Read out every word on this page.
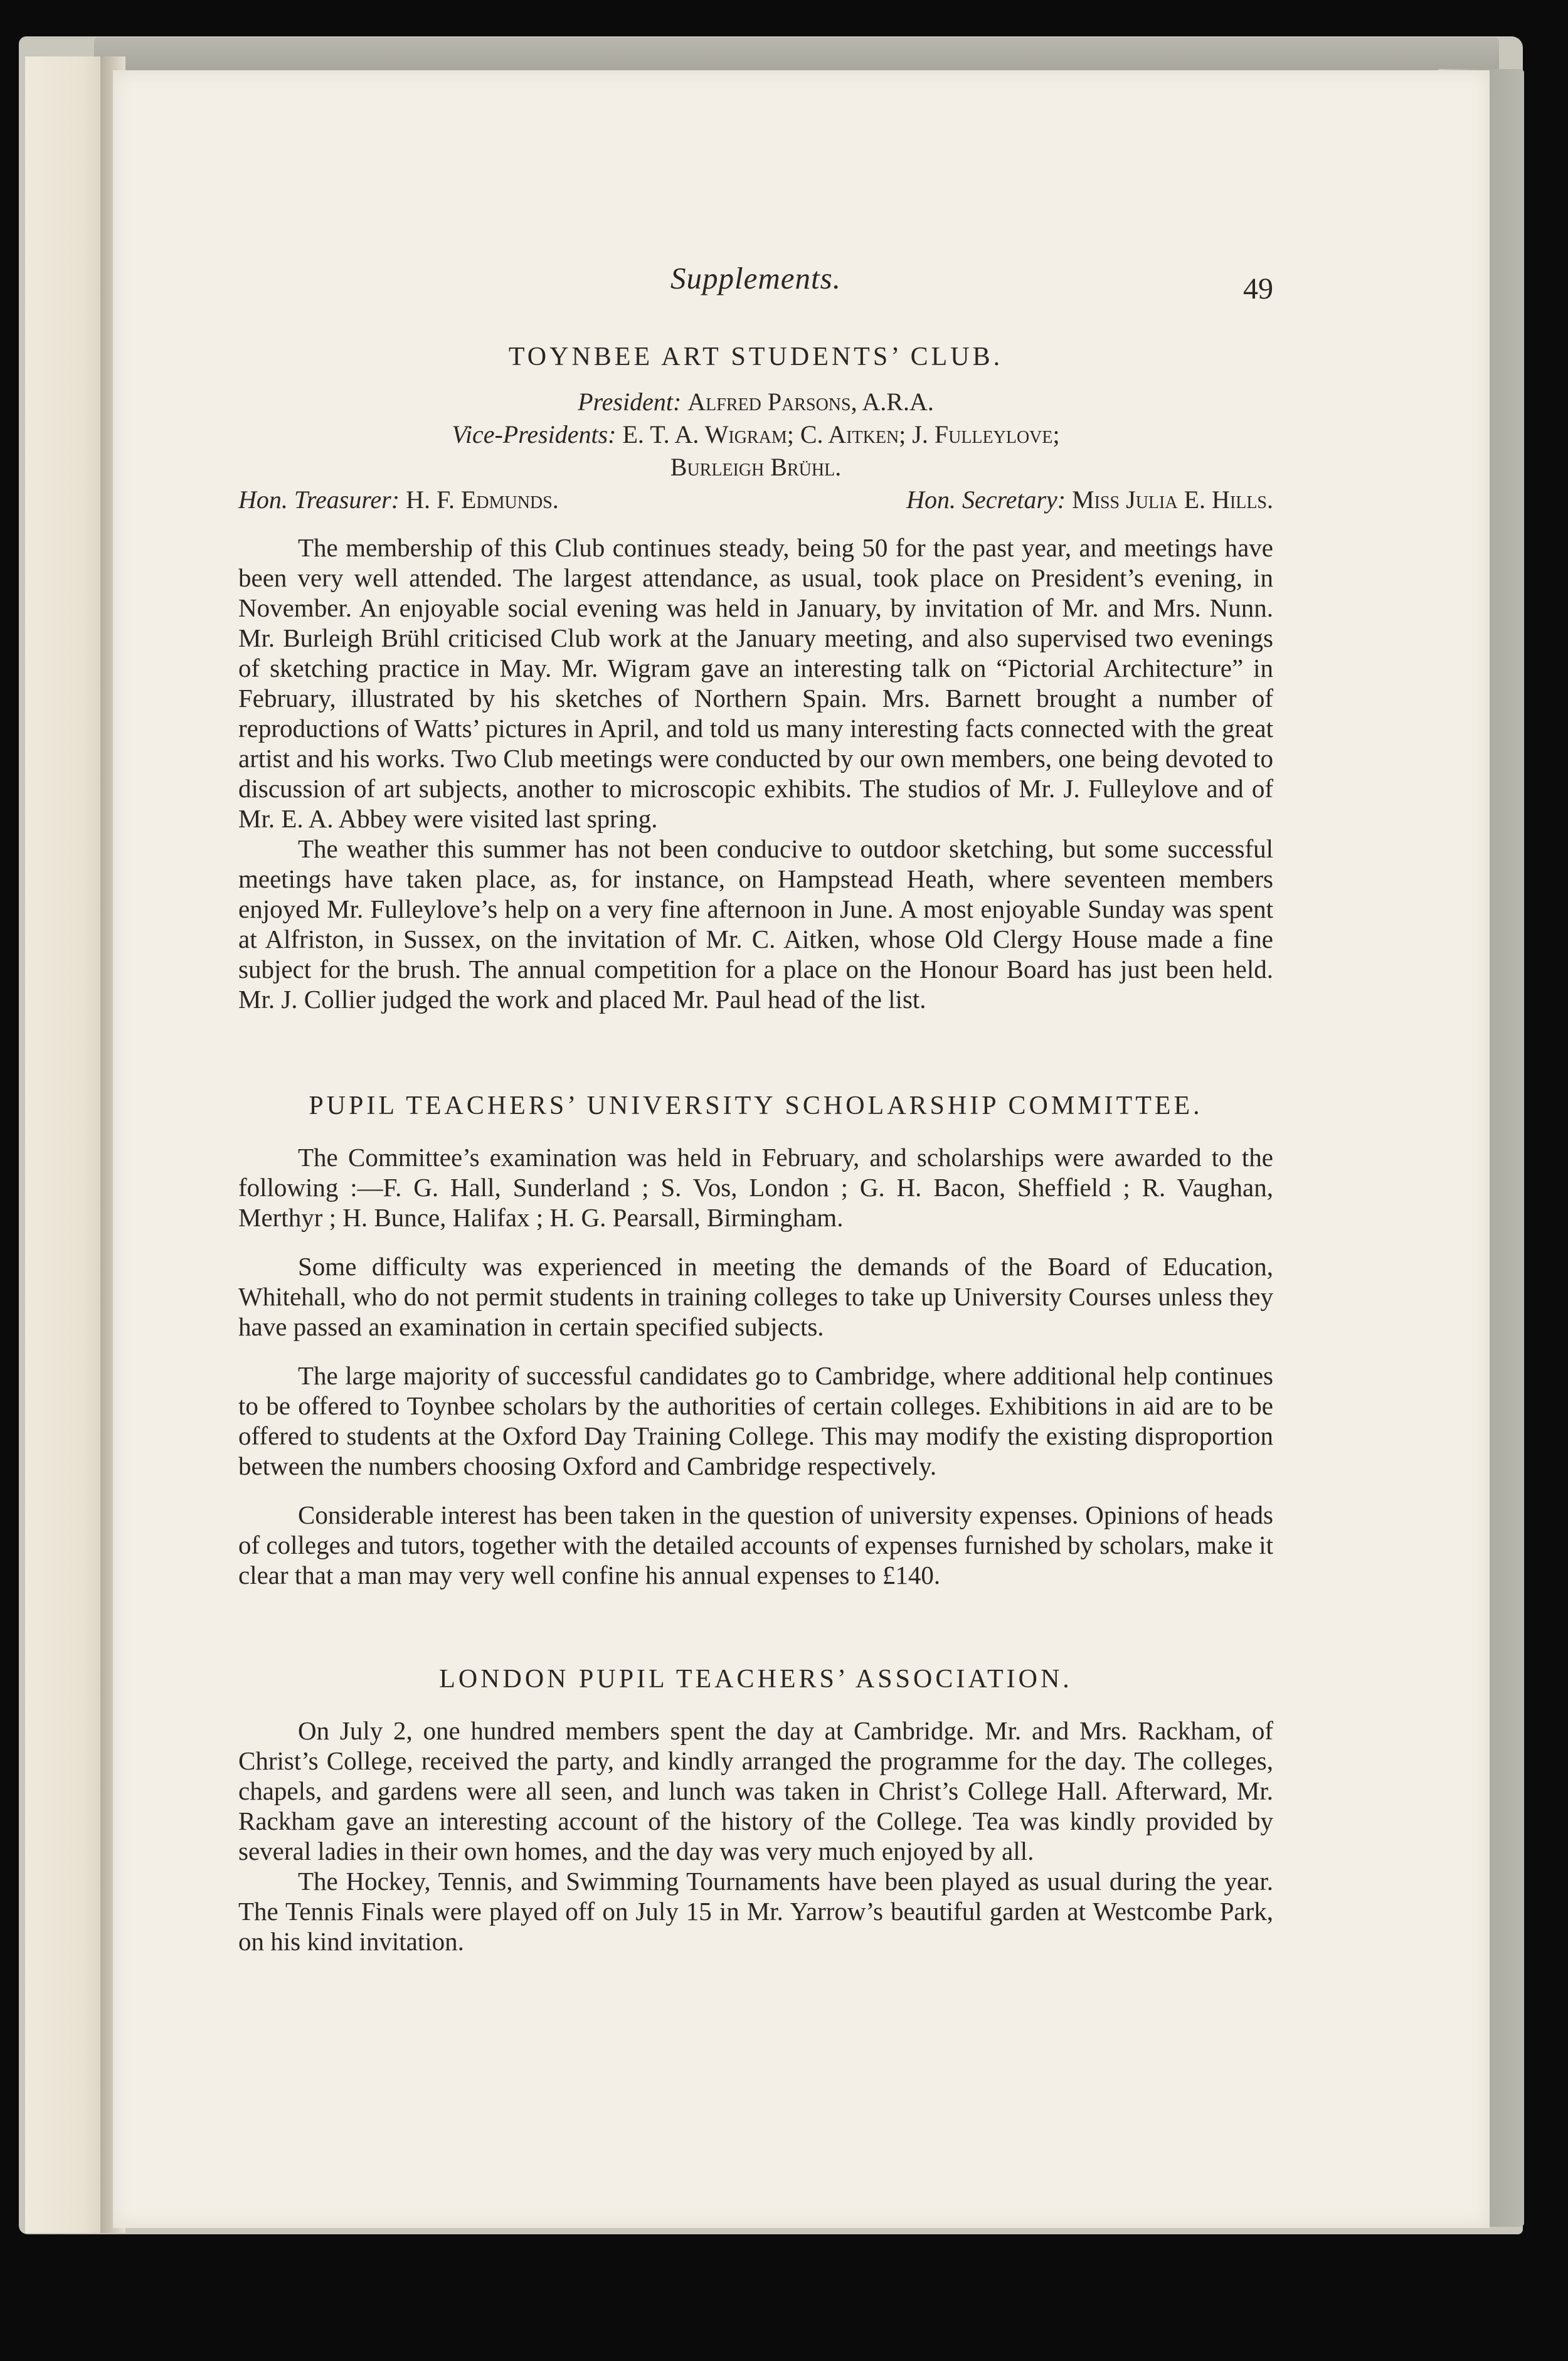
Supplements.	49
TOYNBEE ART STUDENTS’ CLUB.
President: Alfred Parsons, A.R.A.
Vice-Presidents: E. T. A. Wigram; C. Aitken; J. Fulleylove;
Burleigh Brühl.
Hon. Treasurer: H. F. Edmunds.	Hon. Secretary: Miss Julia E. Hills.

The membership of this Club continues steady, being 50 for the past year, and meetings have been very well attended. The largest attendance, as usual, took place on President’s evening, in November. An enjoyable social evening was held in January, by invitation of Mr. and Mrs. Nunn. Mr. Burleigh Brühl criticised Club work at the January meeting, and also supervised two evenings of sketching practice in May. Mr. Wigram gave an interesting talk on “Pictorial Architecture” in February, illustrated by his sketches of Northern Spain. Mrs. Barnett brought a number of reproductions of Watts’ pictures in April, and told us many interesting facts connected with the great artist and his works. Two Club meetings were conducted by our own members, one being devoted to discussion of art subjects, another to microscopic exhibits. The studios of Mr. J. Fulleylove and of Mr. E. A. Abbey were visited last spring.

The weather this summer has not been conducive to outdoor sketching, but some successful meetings have taken place, as, for instance, on Hampstead Heath, where seventeen members enjoyed Mr. Fulleylove’s help on a very fine afternoon in June. A most enjoyable Sunday was spent at Alfriston, in Sussex, on the invitation of Mr. C. Aitken, whose Old Clergy House made a fine subject for the brush. The annual competition for a place on the Honour Board has just been held. Mr. J. Collier judged the work and placed Mr. Paul head of the list.

PUPIL TEACHERS’ UNIVERSITY SCHOLARSHIP COMMITTEE.

The Committee’s examination was held in February, and scholarships were awarded to the following :—F. G. Hall, Sunderland ; S. Vos, London ; G. H. Bacon, Sheffield ; R. Vaughan, Merthyr ; H. Bunce, Halifax ; H. G. Pearsall, Birmingham.

Some difficulty was experienced in meeting the demands of the Board of Education, Whitehall, who do not permit students in training colleges to take up University Courses unless they have passed an examination in certain specified subjects.

The large majority of successful candidates go to Cambridge, where additional help continues to be offered to Toynbee scholars by the authorities of certain colleges. Exhibitions in aid are to be offered to students at the Oxford Day Training College. This may modify the existing disproportion between the numbers choosing Oxford and Cambridge respectively.

Considerable interest has been taken in the question of university expenses. Opinions of heads of colleges and tutors, together with the detailed accounts of expenses furnished by scholars, make it clear that a man may very well confine his annual expenses to £140.

LONDON PUPIL TEACHERS’ ASSOCIATION.

On July 2, one hundred members spent the day at Cambridge. Mr. and Mrs. Rackham, of Christ’s College, received the party, and kindly arranged the programme for the day. The colleges, chapels, and gardens were all seen, and lunch was taken in Christ’s College Hall. Afterward, Mr. Rackham gave an interesting account of the history of the College. Tea was kindly provided by several ladies in their own homes, and the day was very much enjoyed by all.

The Hockey, Tennis, and Swimming Tournaments have been played as usual during the year. The Tennis Finals were played off on July 15 in Mr. Yarrow’s beautiful garden at Westcombe Park, on his kind invitation.
